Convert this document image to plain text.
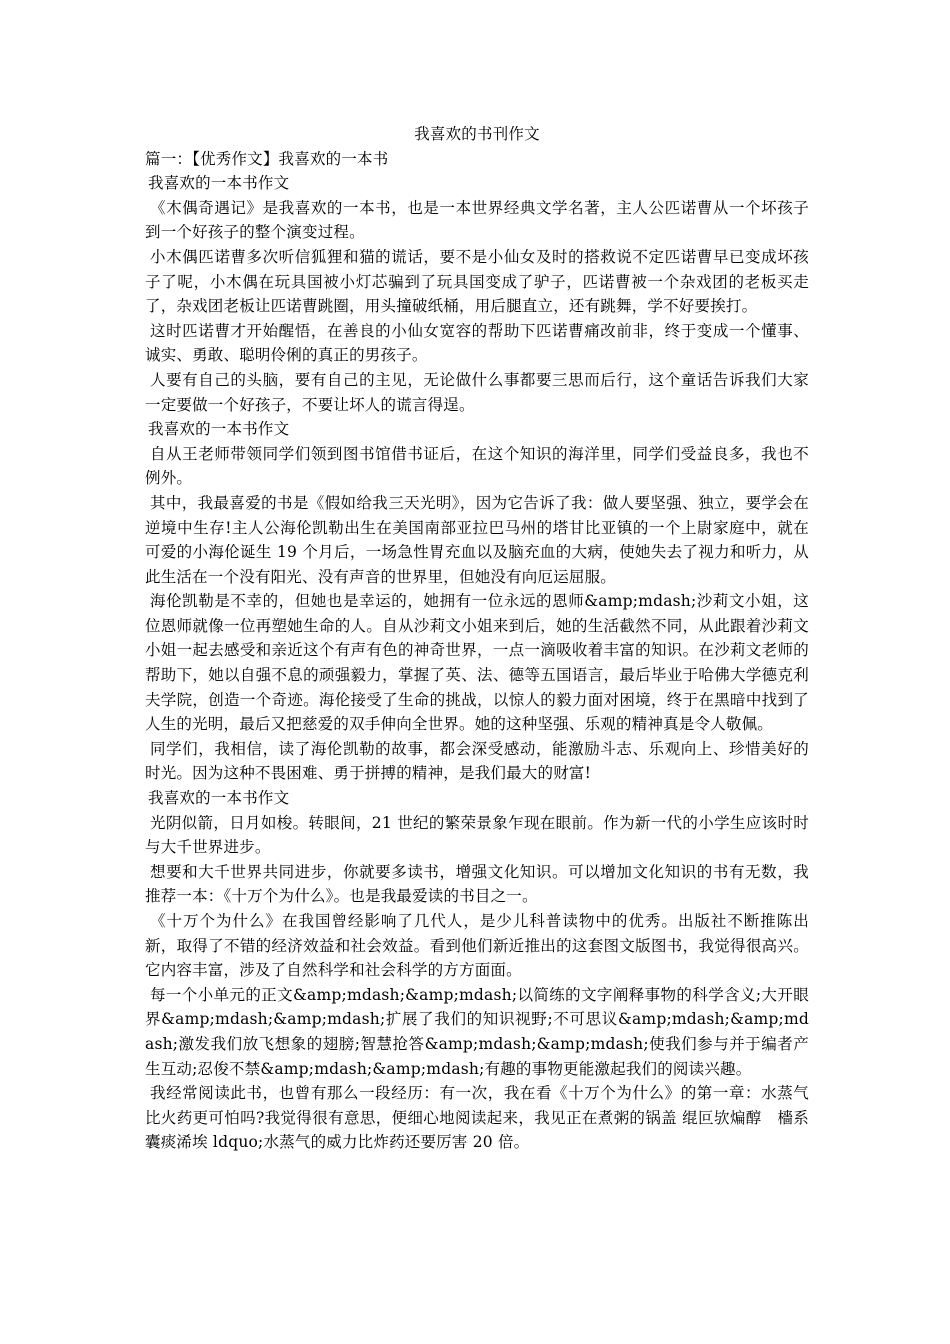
我喜欢的书刊作文

篇一：【优秀作文】我喜欢的一本书

我喜欢的一本书作文

《木偶奇遇记》是我喜欢的一本书，也是一本世界经典文学名著，主人公匹诺曹从一个坏孩子到一个好孩子的整个演变过程。

小木偶匹诺曹多次听信狐狸和猫的谎话，要不是小仙女及时的搭救说不定匹诺曹早已变成坏孩子了呢，小木偶在玩具国被小灯芯骗到了玩具国变成了驴子，匹诺曹被一个杂戏团的老板买走了，杂戏团老板让匹诺曹跳圈，用头撞破纸桶，用后腿直立，还有跳舞，学不好要挨打。

这时匹诺曹才开始醒悟，在善良的小仙女宽容的帮助下匹诺曹痛改前非，终于变成一个懂事、诚实、勇敢、聪明伶俐的真正的男孩子。

人要有自己的头脑，要有自己的主见，无论做什么事都要三思而后行，这个童话告诉我们大家一定要做一个好孩子，不要让坏人的谎言得逞。

我喜欢的一本书作文

自从王老师带领同学们领到图书馆借书证后，在这个知识的海洋里，同学们受益良多，我也不例外。

其中，我最喜爱的书是《假如给我三天光明》，因为它告诉了我：做人要坚强、独立，要学会在逆境中生存!主人公海伦凯勒出生在美国南部亚拉巴马州的塔甘比亚镇的一个上尉家庭中，就在可爱的小海伦诞生 19 个月后，一场急性胃充血以及脑充血的大病，使她失去了视力和听力，从此生活在一个没有阳光、没有声音的世界里，但她没有向厄运屈服。

海伦凯勒是不幸的，但她也是幸运的，她拥有一位永远的恩师&amp;mdash;沙莉文小姐，这位恩师就像一位再塑她生命的人。自从沙莉文小姐来到后，她的生活截然不同，从此跟着沙莉文小姐一起去感受和亲近这个有声有色的神奇世界，一点一滴吸收着丰富的知识。在沙莉文老师的帮助下，她以自强不息的顽强毅力，掌握了英、法、德等五国语言，最后毕业于哈佛大学德克利夫学院，创造一个奇迹。海伦接受了生命的挑战，以惊人的毅力面对困境，终于在黑暗中找到了人生的光明，最后又把慈爱的双手伸向全世界。她的这种坚强、乐观的精神真是令人敬佩。

同学们，我相信，读了海伦凯勒的故事，都会深受感动，能激励斗志、乐观向上、珍惜美好的时光。因为这种不畏困难、勇于拼搏的精神，是我们最大的财富!

我喜欢的一本书作文

光阴似箭，日月如梭。转眼间，21 世纪的繁荣景象乍现在眼前。作为新一代的小学生应该时时与大千世界进步。

想要和大千世界共同进步，你就要多读书，增强文化知识。可以增加文化知识的书有无数，我推荐一本：《十万个为什么》。也是我最爱读的书目之一。

《十万个为什么》在我国曾经影响了几代人，是少儿科普读物中的优秀。出版社不断推陈出新，取得了不错的经济效益和社会效益。看到他们新近推出的这套图文版图书，我觉得很高兴。它内容丰富，涉及了自然科学和社会科学的方方面面。

每一个小单元的正文&amp;mdash;&amp;mdash;以简练的文字阐释事物的科学含义;大开眼界&amp;mdash;&amp;mdash;扩展了我们的知识视野;不可思议&amp;mdash;&amp;mdash;激发我们放飞想象的翅膀;智慧抢答&amp;mdash;&amp;mdash;使我们参与并于编者产生互动;忍俊不禁&amp;mdash;&amp;mdash;有趣的事物更能激起我们的阅读兴趣。

我经常阅读此书，也曾有那么一段经历：有一次，我在看《十万个为什么》的第一章：水蒸气比火药更可怕吗?我觉得很有意思，便细心地阅读起来，我见正在煮粥的锅盖 绲叵欤煸醇　檣系囊痰浠埃 ldquo;水蒸气的威力比炸药还要厉害 20 倍。
